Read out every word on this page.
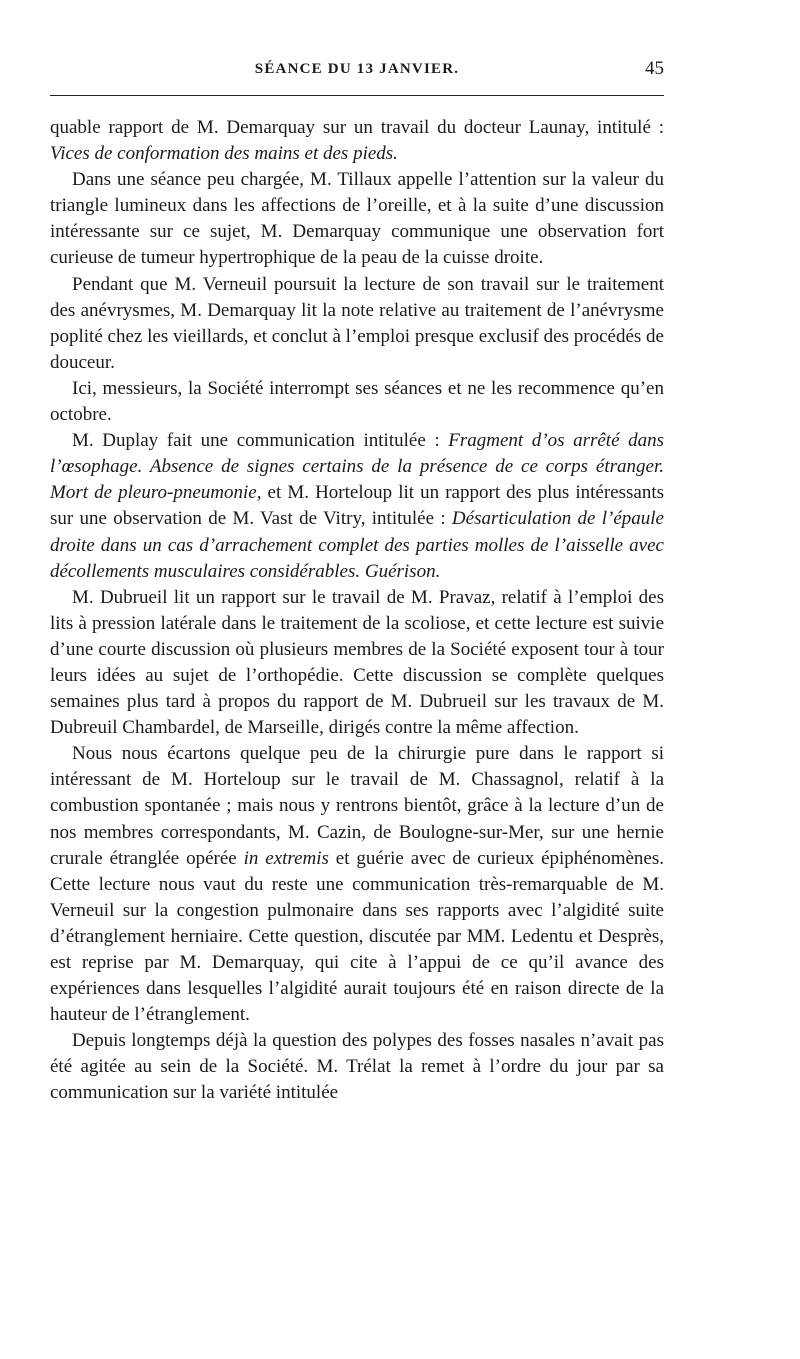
SÉANCE DU 13 JANVIER.	45

quable rapport de M. Demarquay sur un travail du docteur Launay, intitulé : Vices de conformation des mains et des pieds.

Dans une séance peu chargée, M. Tillaux appelle l’attention sur la valeur du triangle lumineux dans les affections de l’oreille, et à la suite d’une discussion intéressante sur ce sujet, M. Demarquay communique une observation fort curieuse de tumeur hypertrophique de la peau de la cuisse droite.

Pendant que M. Verneuil poursuit la lecture de son travail sur le traitement des anévrysmes, M. Demarquay lit la note relative au traitement de l’anévrysme poplité chez les vieillards, et conclut à l’emploi presque exclusif des procédés de douceur.

Ici, messieurs, la Société interrompt ses séances et ne les recommence qu’en octobre.

M. Duplay fait une communication intitulée : Fragment d’os arrêté dans l’œsophage. Absence de signes certains de la présence de ce corps étranger. Mort de pleuro-pneumonie, et M. Horteloup lit un rapport des plus intéressants sur une observation de M. Vast de Vitry, intitulée : Désarticulation de l’épaule droite dans un cas d’arrachement complet des parties molles de l’aisselle avec décollements musculaires considérables. Guérison.

M. Dubrueil lit un rapport sur le travail de M. Pravaz, relatif à l’emploi des lits à pression latérale dans le traitement de la scoliose, et cette lecture est suivie d’une courte discussion où plusieurs membres de la Société exposent tour à tour leurs idées au sujet de l’orthopédie. Cette discussion se complète quelques semaines plus tard à propos du rapport de M. Dubrueil sur les travaux de M. Dubreuil Chambardel, de Marseille, dirigés contre la même affection.

Nous nous écartons quelque peu de la chirurgie pure dans le rapport si intéressant de M. Horteloup sur le travail de M. Chassagnol, relatif à la combustion spontanée ; mais nous y rentrons bientôt, grâce à la lecture d’un de nos membres correspondants, M. Cazin, de Boulogne-sur-Mer, sur une hernie crurale étranglée opérée in extremis et guérie avec de curieux épiphénomènes. Cette lecture nous vaut du reste une communication très-remarquable de M. Verneuil sur la congestion pulmonaire dans ses rapports avec l’algidité suite d’étranglement herniaire. Cette question, discutée par MM. Ledentu et Desprès, est reprise par M. Demarquay, qui cite à l’appui de ce qu’il avance des expériences dans lesquelles l’algidité aurait toujours été en raison directe de la hauteur de l’étranglement.

Depuis longtemps déjà la question des polypes des fosses nasales n’avait pas été agitée au sein de la Société. M. Trélat la remet à l’ordre du jour par sa communication sur la variété intitulée
